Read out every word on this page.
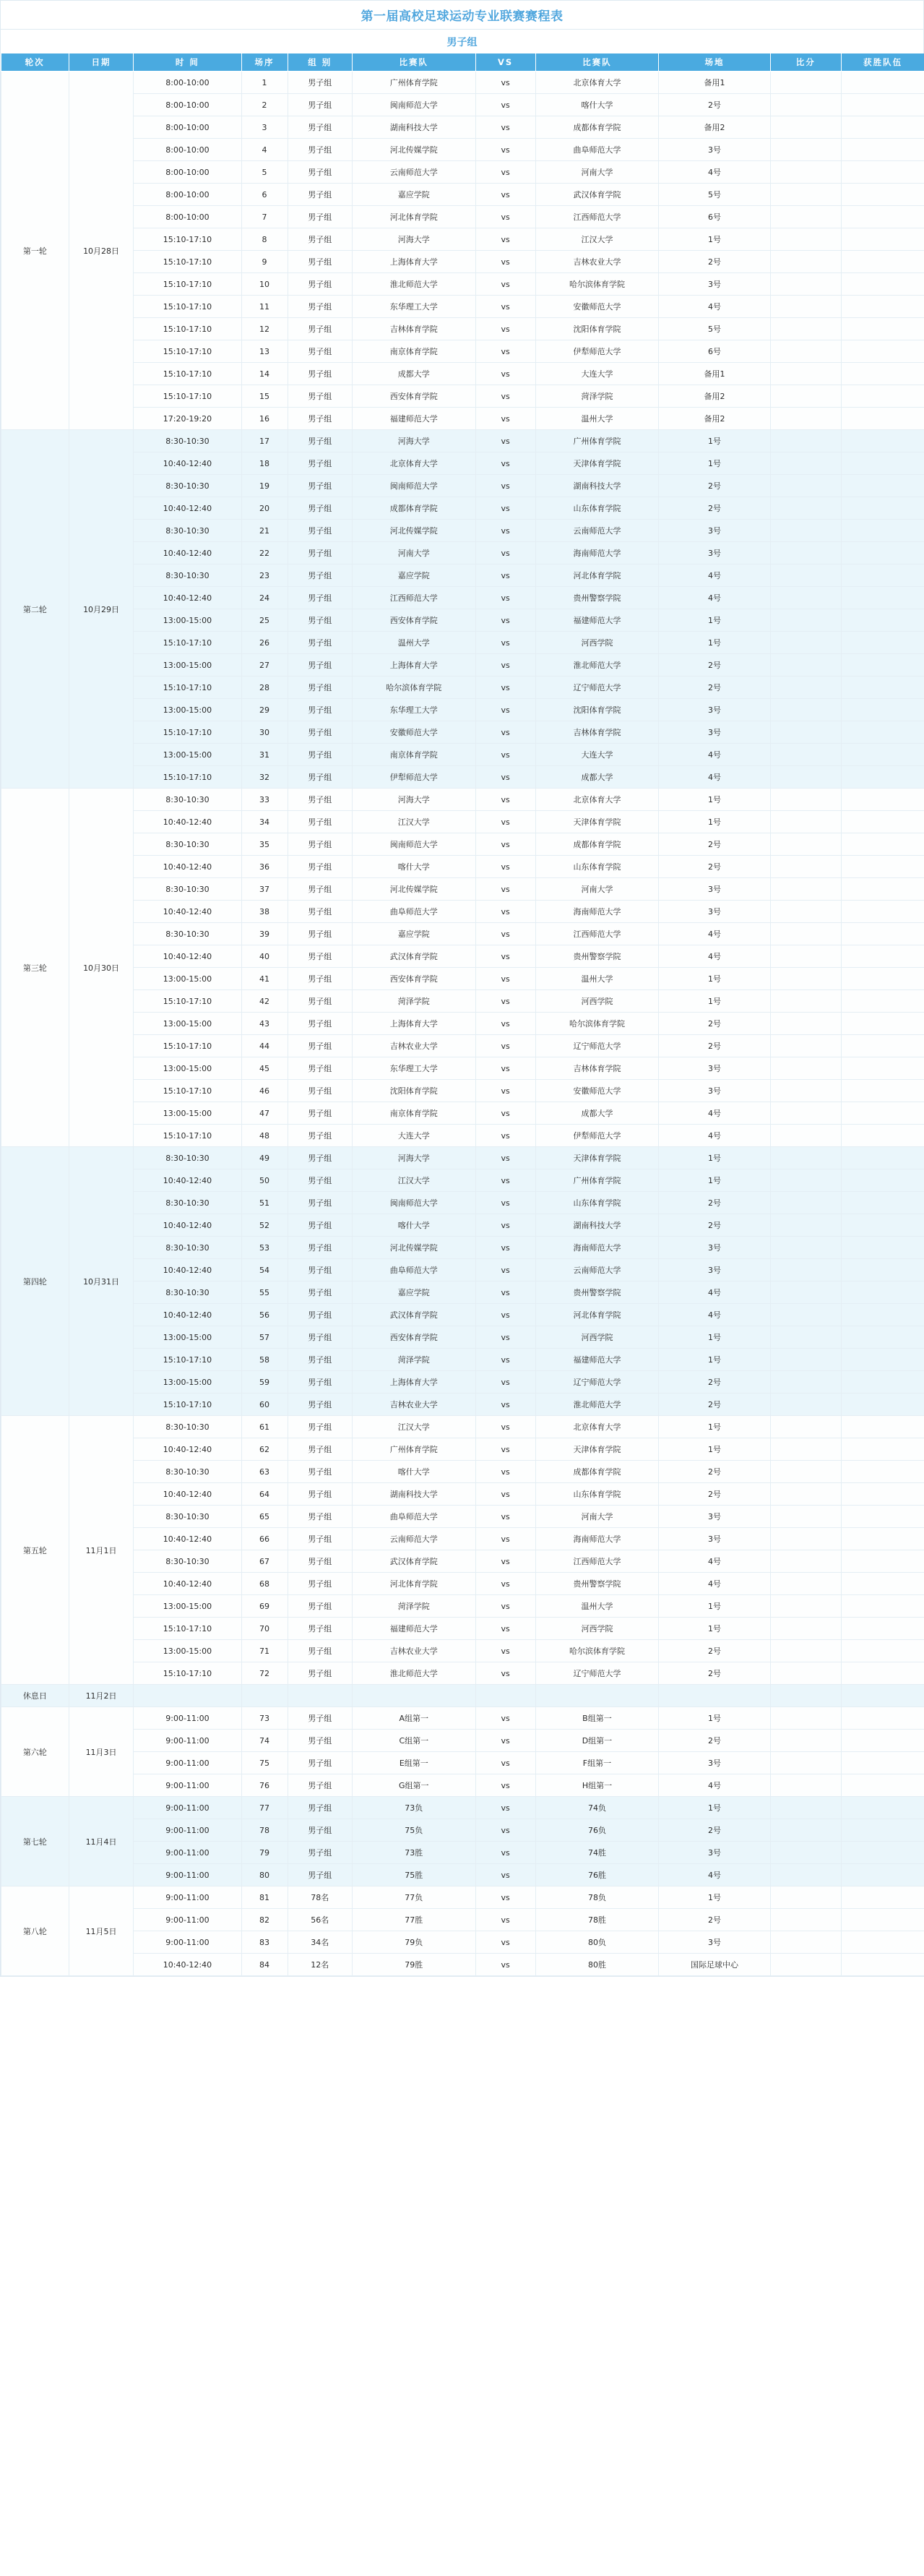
第一届高校足球运动专业联赛赛程表
男子组
轮次	日期	时 间	场序	组 别	比赛队	VS	比赛队	场地	比分	获胜队伍
第一轮	10月28日	8:00-10:00	1	男子组	广州体育学院	vs	北京体育大学	备用1		
		8:00-10:00	2	男子组	闽南师范大学	vs	喀什大学	2号		
		8:00-10:00	3	男子组	湖南科技大学	vs	成都体育学院	备用2		
		8:00-10:00	4	男子组	河北传媒学院	vs	曲阜师范大学	3号		
		8:00-10:00	5	男子组	云南师范大学	vs	河南大学	4号		
		8:00-10:00	6	男子组	嘉应学院	vs	武汉体育学院	5号		
		8:00-10:00	7	男子组	河北体育学院	vs	江西师范大学	6号		
		15:10-17:10	8	男子组	河海大学	vs	江汉大学	1号		
		15:10-17:10	9	男子组	上海体育大学	vs	吉林农业大学	2号		
		15:10-17:10	10	男子组	淮北师范大学	vs	哈尔滨体育学院	3号		
		15:10-17:10	11	男子组	东华理工大学	vs	安徽师范大学	4号		
		15:10-17:10	12	男子组	吉林体育学院	vs	沈阳体育学院	5号		
		15:10-17:10	13	男子组	南京体育学院	vs	伊犁师范大学	6号		
		15:10-17:10	14	男子组	成都大学	vs	大连大学	备用1		
		15:10-17:10	15	男子组	西安体育学院	vs	菏泽学院	备用2		
		17:20-19:20	16	男子组	福建师范大学	vs	温州大学	备用2		
第二轮	10月29日	8:30-10:30	17	男子组	河海大学	vs	广州体育学院	1号		
		10:40-12:40	18	男子组	北京体育大学	vs	天津体育学院	1号		
		8:30-10:30	19	男子组	闽南师范大学	vs	湖南科技大学	2号		
		10:40-12:40	20	男子组	成都体育学院	vs	山东体育学院	2号		
		8:30-10:30	21	男子组	河北传媒学院	vs	云南师范大学	3号		
		10:40-12:40	22	男子组	河南大学	vs	海南师范大学	3号		
		8:30-10:30	23	男子组	嘉应学院	vs	河北体育学院	4号		
		10:40-12:40	24	男子组	江西师范大学	vs	贵州警察学院	4号		
		13:00-15:00	25	男子组	西安体育学院	vs	福建师范大学	1号		
		15:10-17:10	26	男子组	温州大学	vs	河西学院	1号		
		13:00-15:00	27	男子组	上海体育大学	vs	淮北师范大学	2号		
		15:10-17:10	28	男子组	哈尔滨体育学院	vs	辽宁师范大学	2号		
		13:00-15:00	29	男子组	东华理工大学	vs	沈阳体育学院	3号		
		15:10-17:10	30	男子组	安徽师范大学	vs	吉林体育学院	3号		
		13:00-15:00	31	男子组	南京体育学院	vs	大连大学	4号		
		15:10-17:10	32	男子组	伊犁师范大学	vs	成都大学	4号		
第三轮	10月30日	8:30-10:30	33	男子组	河海大学	vs	北京体育大学	1号		
		10:40-12:40	34	男子组	江汉大学	vs	天津体育学院	1号		
		8:30-10:30	35	男子组	闽南师范大学	vs	成都体育学院	2号		
		10:40-12:40	36	男子组	喀什大学	vs	山东体育学院	2号		
		8:30-10:30	37	男子组	河北传媒学院	vs	河南大学	3号		
		10:40-12:40	38	男子组	曲阜师范大学	vs	海南师范大学	3号		
		8:30-10:30	39	男子组	嘉应学院	vs	江西师范大学	4号		
		10:40-12:40	40	男子组	武汉体育学院	vs	贵州警察学院	4号		
		13:00-15:00	41	男子组	西安体育学院	vs	温州大学	1号		
		15:10-17:10	42	男子组	菏泽学院	vs	河西学院	1号		
		13:00-15:00	43	男子组	上海体育大学	vs	哈尔滨体育学院	2号		
		15:10-17:10	44	男子组	吉林农业大学	vs	辽宁师范大学	2号		
		13:00-15:00	45	男子组	东华理工大学	vs	吉林体育学院	3号		
		15:10-17:10	46	男子组	沈阳体育学院	vs	安徽师范大学	3号		
		13:00-15:00	47	男子组	南京体育学院	vs	成都大学	4号		
		15:10-17:10	48	男子组	大连大学	vs	伊犁师范大学	4号		
第四轮	10月31日	8:30-10:30	49	男子组	河海大学	vs	天津体育学院	1号		
		10:40-12:40	50	男子组	江汉大学	vs	广州体育学院	1号		
		8:30-10:30	51	男子组	闽南师范大学	vs	山东体育学院	2号		
		10:40-12:40	52	男子组	喀什大学	vs	湖南科技大学	2号		
		8:30-10:30	53	男子组	河北传媒学院	vs	海南师范大学	3号		
		10:40-12:40	54	男子组	曲阜师范大学	vs	云南师范大学	3号		
		8:30-10:30	55	男子组	嘉应学院	vs	贵州警察学院	4号		
		10:40-12:40	56	男子组	武汉体育学院	vs	河北体育学院	4号		
		13:00-15:00	57	男子组	西安体育学院	vs	河西学院	1号		
		15:10-17:10	58	男子组	菏泽学院	vs	福建师范大学	1号		
		13:00-15:00	59	男子组	上海体育大学	vs	辽宁师范大学	2号		
		15:10-17:10	60	男子组	吉林农业大学	vs	淮北师范大学	2号		
第五轮	11月1日	8:30-10:30	61	男子组	江汉大学	vs	北京体育大学	1号		
		10:40-12:40	62	男子组	广州体育学院	vs	天津体育学院	1号		
		8:30-10:30	63	男子组	喀什大学	vs	成都体育学院	2号		
		10:40-12:40	64	男子组	湖南科技大学	vs	山东体育学院	2号		
		8:30-10:30	65	男子组	曲阜师范大学	vs	河南大学	3号		
		10:40-12:40	66	男子组	云南师范大学	vs	海南师范大学	3号		
		8:30-10:30	67	男子组	武汉体育学院	vs	江西师范大学	4号		
		10:40-12:40	68	男子组	河北体育学院	vs	贵州警察学院	4号		
		13:00-15:00	69	男子组	菏泽学院	vs	温州大学	1号		
		15:10-17:10	70	男子组	福建师范大学	vs	河西学院	1号		
		13:00-15:00	71	男子组	吉林农业大学	vs	哈尔滨体育学院	2号		
		15:10-17:10	72	男子组	淮北师范大学	vs	辽宁师范大学	2号		
休息日	11月2日									
第六轮	11月3日	9:00-11:00	73	男子组	A组第一	vs	B组第一	1号		
		9:00-11:00	74	男子组	C组第一	vs	D组第一	2号		
		9:00-11:00	75	男子组	E组第一	vs	F组第一	3号		
		9:00-11:00	76	男子组	G组第一	vs	H组第一	4号		
第七轮	11月4日	9:00-11:00	77	男子组	73负	vs	74负	1号		
		9:00-11:00	78	男子组	75负	vs	76负	2号		
		9:00-11:00	79	男子组	73胜	vs	74胜	3号		
		9:00-11:00	80	男子组	75胜	vs	76胜	4号		
第八轮	11月5日	9:00-11:00	81	78名	77负	vs	78负	1号		
		9:00-11:00	82	56名	77胜	vs	78胜	2号		
		9:00-11:00	83	34名	79负	vs	80负	3号		
		10:40-12:40	84	12名	79胜	vs	80胜	国际足球中心		
